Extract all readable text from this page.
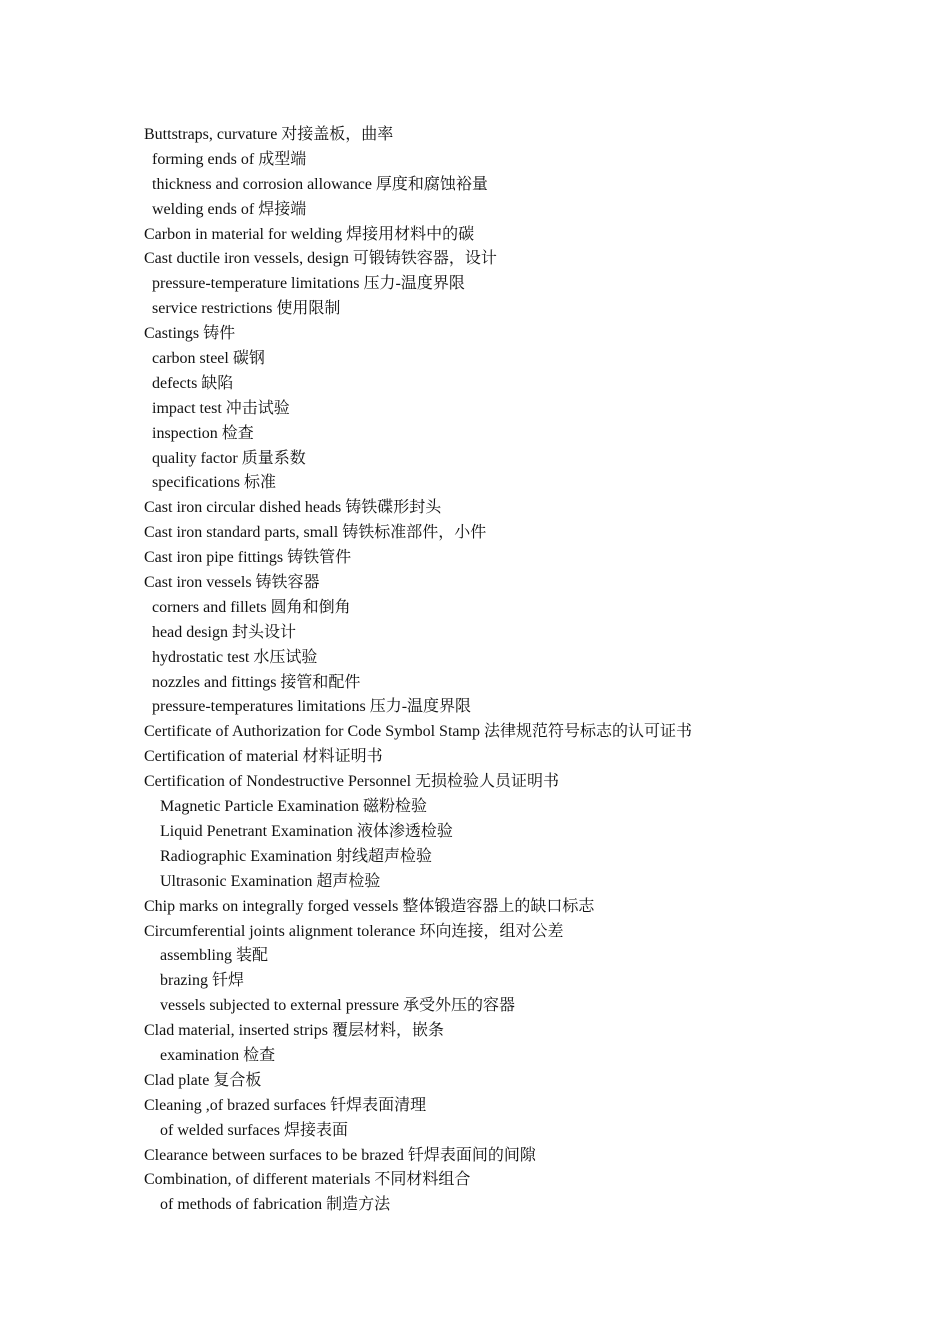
Buttstraps, curvature 对接盖板，曲率
forming ends of 成型端
thickness and corrosion allowance 厚度和腐蚀裕量
welding ends of 焊接端
Carbon in material for welding 焊接用材料中的碳
Cast ductile iron vessels, design 可锻铸铁容器，设计
pressure-temperature limitations 压力-温度界限
service restrictions 使用限制
Castings 铸件
carbon steel 碳钢
defects 缺陷
impact test 冲击试验
inspection 检查
quality factor 质量系数
specifications 标准
Cast iron circular dished heads 铸铁碟形封头
Cast iron standard parts, small 铸铁标准部件，小件
Cast iron pipe fittings 铸铁管件
Cast iron vessels 铸铁容器
corners and fillets 圆角和倒角
head design 封头设计
hydrostatic test 水压试验
nozzles and fittings 接管和配件
pressure-temperatures limitations 压力-温度界限
Certificate of Authorization for Code Symbol Stamp 法律规范符号标志的认可证书
Certification of material 材料证明书
Certification of Nondestructive Personnel 无损检验人员证明书
Magnetic Particle Examination 磁粉检验
Liquid Penetrant Examination 液体渗透检验
Radiographic Examination 射线超声检验
Ultrasonic Examination 超声检验
Chip marks on integrally forged vessels 整体锻造容器上的缺口标志
Circumferential joints alignment tolerance 环向连接，组对公差
assembling 装配
brazing 钎焊
vessels subjected to external pressure 承受外压的容器
Clad material, inserted strips 覆层材料，嵌条
examination 检查
Clad plate 复合板
Cleaning ,of brazed surfaces 钎焊表面清理
of welded surfaces 焊接表面
Clearance between surfaces to be brazed 钎焊表面间的间隙
Combination, of different materials 不同材料组合
of methods of fabrication 制造方法
